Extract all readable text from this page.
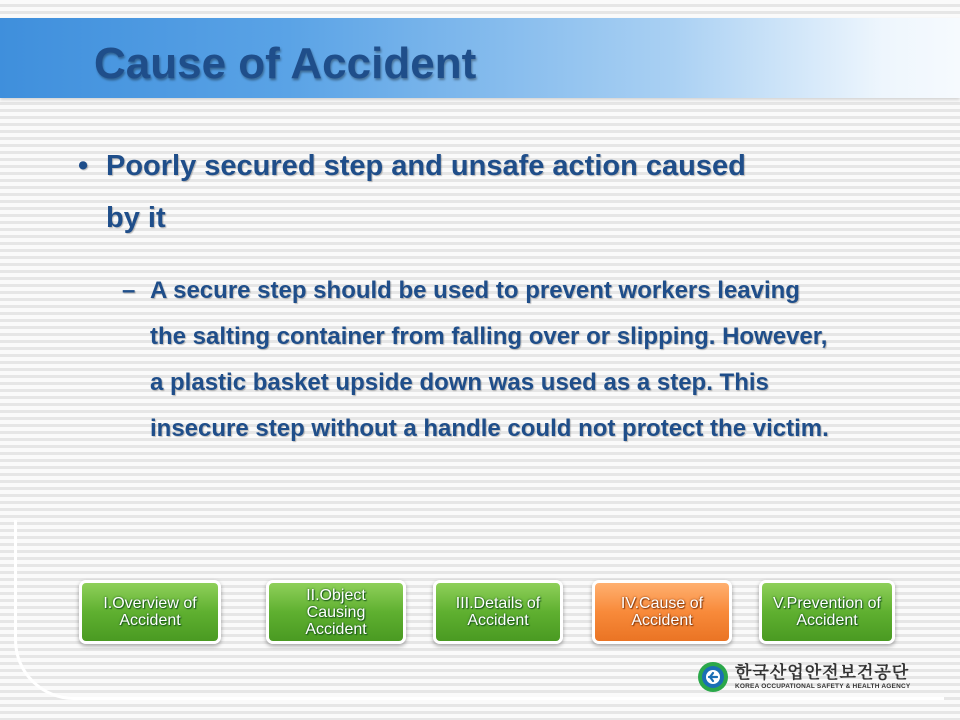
Cause of Accident
• Poorly secured step and unsafe action caused by it
– A secure step should be used to prevent workers leaving the salting container from falling over or slipping. However, a plastic basket upside down was used as a step. This insecure step without a handle could not protect the victim.
I.Overview of Accident
II.Object Causing Accident
III.Details of Accident
IV.Cause of Accident
V.Prevention of Accident
한국산업안전보건공단
KOREA OCCUPATIONAL SAFETY & HEALTH AGENCY
